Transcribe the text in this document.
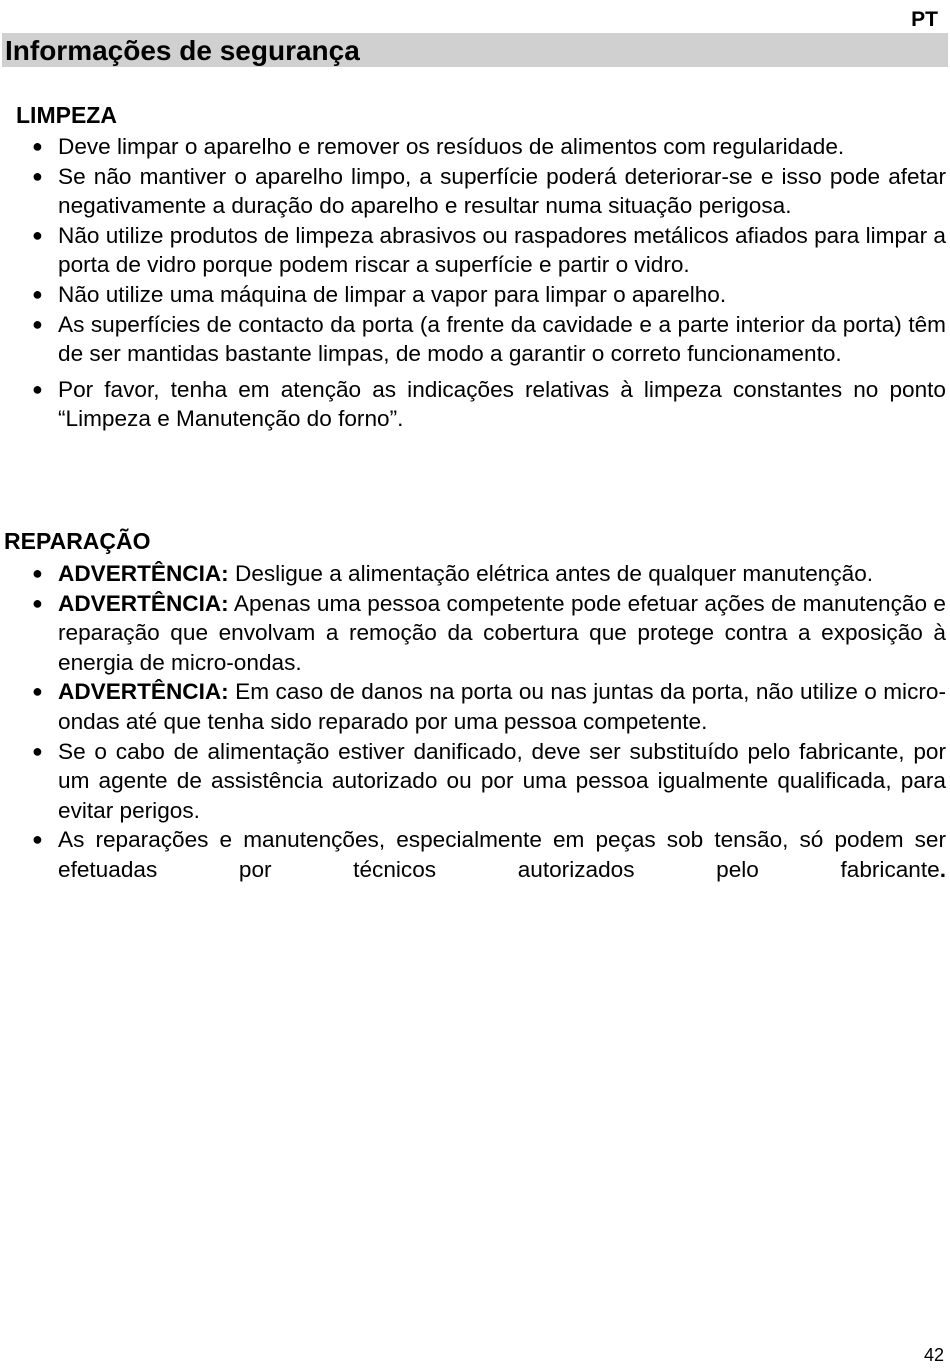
PT
Informações de segurança
LIMPEZA
● Deve limpar o aparelho e remover os resíduos de alimentos com regularidade.
● Se não mantiver o aparelho limpo, a superfície poderá deteriorar-se e isso pode afetar negativamente a duração do aparelho e resultar numa situação perigosa.
● Não utilize produtos de limpeza abrasivos ou raspadores metálicos afiados para limpar a porta de vidro porque podem riscar a superfície e partir o vidro.
● Não utilize uma máquina de limpar a vapor para limpar o aparelho.
● As superfícies de contacto da porta (a frente da cavidade e a parte interior da porta) têm de ser mantidas bastante limpas, de modo a garantir o correto funcionamento.
● Por favor, tenha em atenção as indicações relativas à limpeza constantes no ponto “Limpeza e Manutenção do forno”.
REPARAÇÃO
● ADVERTÊNCIA: Desligue a alimentação elétrica antes de qualquer manutenção.
● ADVERTÊNCIA: Apenas uma pessoa competente pode efetuar ações de manutenção e reparação que envolvam a remoção da cobertura que protege contra a exposição à energia de micro-ondas.
● ADVERTÊNCIA: Em caso de danos na porta ou nas juntas da porta, não utilize o micro-ondas até que tenha sido reparado por uma pessoa competente.
● Se o cabo de alimentação estiver danificado, deve ser substituído pelo fabricante, por um agente de assistência autorizado ou por uma pessoa igualmente qualificada, para evitar perigos.
● As reparações e manutenções, especialmente em peças sob tensão, só podem ser efetuadas por técnicos autorizados pelo fabricante.
42
